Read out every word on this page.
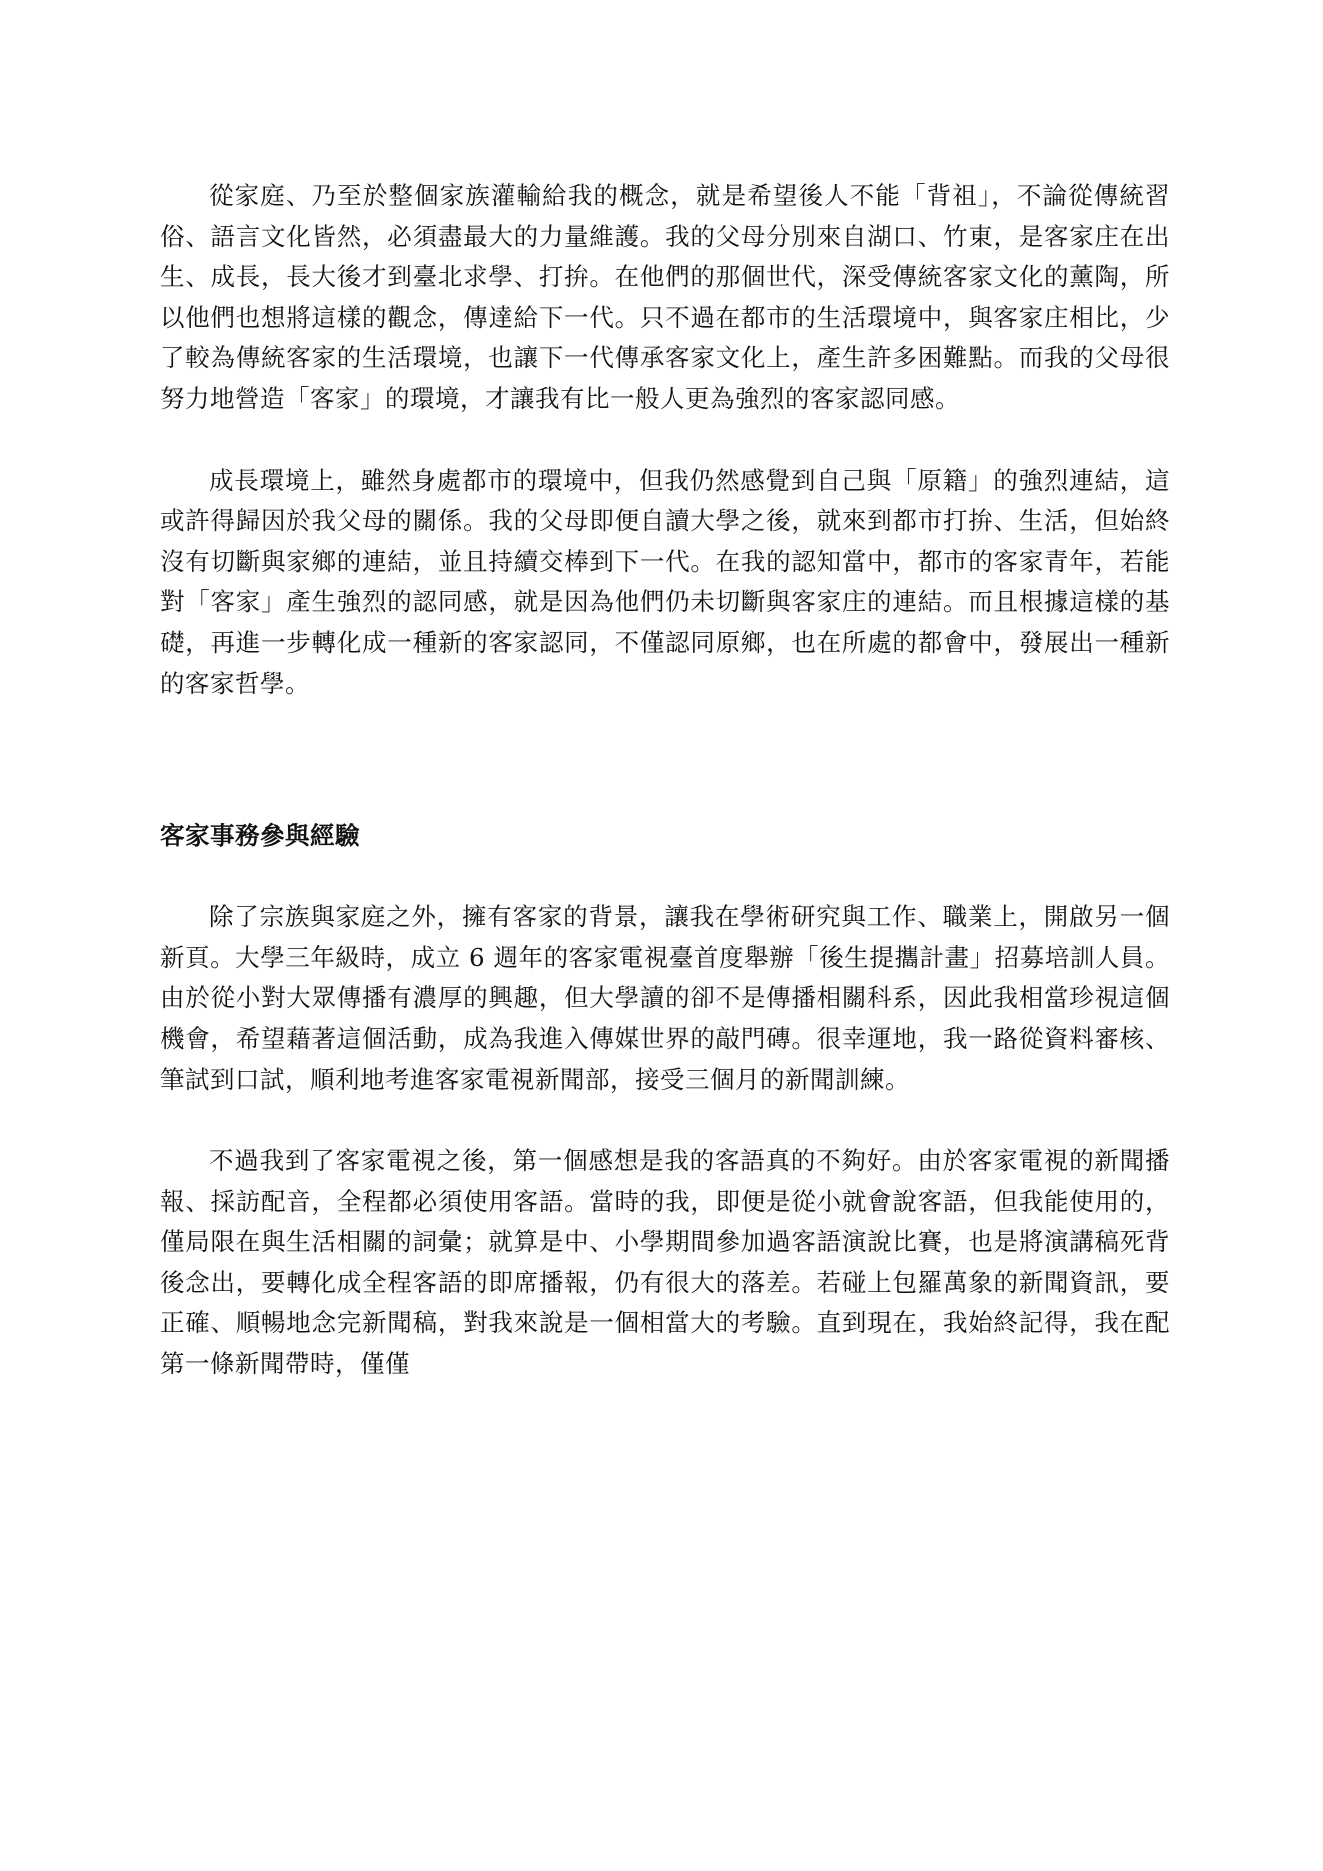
從家庭、乃至於整個家族灌輸給我的概念，就是希望後人不能「背祖」，不論從傳統習俗、語言文化皆然，必須盡最大的力量維護。我的父母分別來自湖口、竹東，是客家庄在出生、成長，長大後才到臺北求學、打拚。在他們的那個世代，深受傳統客家文化的薰陶，所以他們也想將這樣的觀念，傳達給下一代。只不過在都市的生活環境中，與客家庄相比，少了較為傳統客家的生活環境，也讓下一代傳承客家文化上，產生許多困難點。而我的父母很努力地營造「客家」的環境，才讓我有比一般人更為強烈的客家認同感。

成長環境上，雖然身處都市的環境中，但我仍然感覺到自己與「原籍」的強烈連結，這或許得歸因於我父母的關係。我的父母即便自讀大學之後，就來到都市打拚、生活，但始終沒有切斷與家鄉的連結，並且持續交棒到下一代。在我的認知當中，都市的客家青年，若能對「客家」產生強烈的認同感，就是因為他們仍未切斷與客家庄的連結。而且根據這樣的基礎，再進一步轉化成一種新的客家認同，不僅認同原鄉，也在所處的都會中，發展出一種新的客家哲學。

客家事務參與經驗

除了宗族與家庭之外，擁有客家的背景，讓我在學術研究與工作、職業上，開啟另一個新頁。大學三年級時，成立 6 週年的客家電視臺首度舉辦「後生提攜計畫」招募培訓人員。由於從小對大眾傳播有濃厚的興趣，但大學讀的卻不是傳播相關科系，因此我相當珍視這個機會，希望藉著這個活動，成為我進入傳媒世界的敲門磚。很幸運地，我一路從資料審核、筆試到口試，順利地考進客家電視新聞部，接受三個月的新聞訓練。

不過我到了客家電視之後，第一個感想是我的客語真的不夠好。由於客家電視的新聞播報、採訪配音，全程都必須使用客語。當時的我，即便是從小就會說客語，但我能使用的，僅局限在與生活相關的詞彙；就算是中、小學期間參加過客語演說比賽，也是將演講稿死背後念出，要轉化成全程客語的即席播報，仍有很大的落差。若碰上包羅萬象的新聞資訊，要正確、順暢地念完新聞稿，對我來說是一個相當大的考驗。直到現在，我始終記得，我在配第一條新聞帶時，僅僅
